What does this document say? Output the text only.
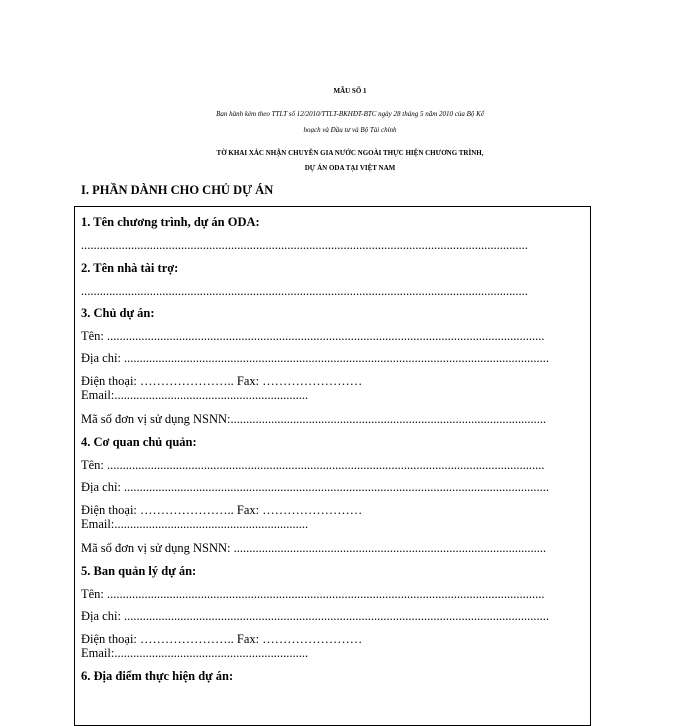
MẪU SỐ 1
Ban hành kèm theo TTLT số 12/2010/TTLT-BKHĐT-BTC ngày 28 tháng 5 năm 2010 của Bộ Kế
hoạch và Đầu tư và Bộ Tài chính
TỜ KHAI XÁC NHẬN CHUYÊN GIA NƯỚC NGOÀI THỰC HIỆN CHƯƠNG TRÌNH,
DỰ ÁN ODA TẠI VIỆT NAM
I. PHẦN DÀNH CHO CHỦ DỰ ÁN
1. Tên chương trình, dự án ODA:
...............................................................................................................................................
2. Tên nhà tài trợ:
...............................................................................................................................................
3. Chủ dự án:
Tên: ............................................................................................................................................
Địa chỉ: ........................................................................................................................................
Điện thoại: ………………….. Fax: ……………………
Email:..............................................................
Mã số đơn vị sử dụng NSNN:.....................................................................................................
4. Cơ quan chủ quản:
Tên: ............................................................................................................................................
Địa chỉ: ........................................................................................................................................
Điện thoại: ………………….. Fax: ……………………
Email:..............................................................
Mã số đơn vị sử dụng NSNN: ....................................................................................................
5. Ban quản lý dự án:
Tên: ............................................................................................................................................
Địa chỉ: ........................................................................................................................................
Điện thoại: ………………….. Fax: ……………………
Email:..............................................................
6. Địa điểm thực hiện dự án:
